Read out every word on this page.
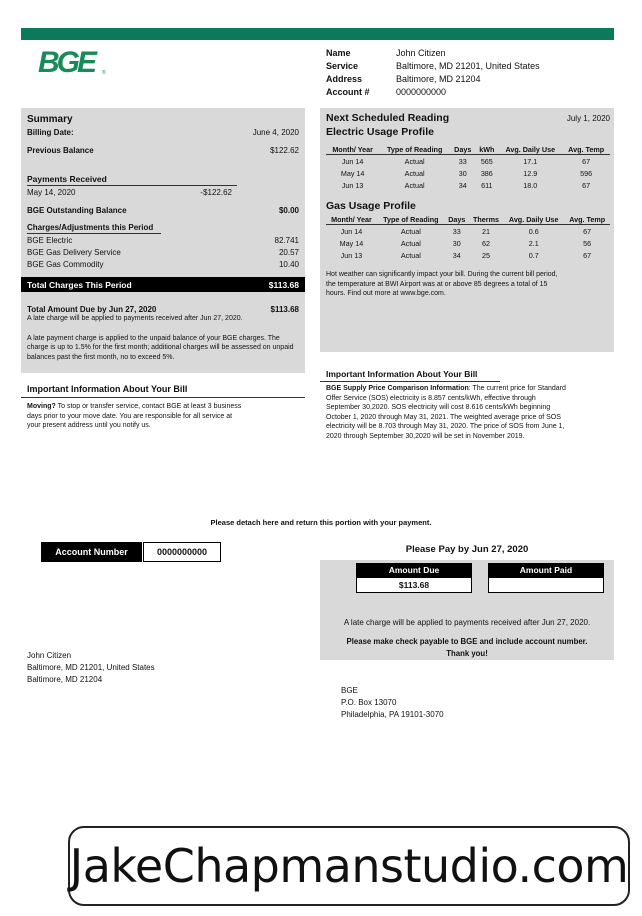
BGE	®
Name	John Citizen
Service	Baltimore, MD 21201, United States
Address	Baltimore, MD 21204
Account #	0000000000
Summary
Billing Date:	June 4, 2020
Previous Balance	$122.62
Payments Received
May 14, 2020	-$122.62
BGE Outstanding Balance	$0.00
Charges/Adjustments this Period
BGE Electric	82.741
BGE Gas Delivery Service	20.57
BGE Gas Commodity	10.40
Total Charges This Period	$113.68
Total Amount Due by Jun 27, 2020	$113.68
A late charge will be applied to payments received after Jun 27, 2020.
A late payment charge is applied to the unpaid balance of your BGE charges. The charge is up to 1.5% for the first month; additional charges will be assessed on unpaid balances past the first month, no to exceed 5%.
Important Information About Your Bill
Moving? To stop or transfer service, contact BGE at least 3 business days prior to your move date. You are responsible for all service at your present address until you notify us.
Next Scheduled Reading	July 1, 2020
Electric Usage Profile
Month/ Year	Type of Reading	Days	kWh	Avg. Daily Use	Avg. Temp
Jun 14	Actual	33	565	17.1	67
May 14	Actual	30	386	12.9	596
Jun 13	Actual	34	611	18.0	67
Gas Usage Profile
Month/ Year	Type of Reading	Days	Therms	Avg. Daily Use	Avg. Temp
Jun 14	Actual	33	21	0.6	67
May 14	Actual	30	62	2.1	56
Jun 13	Actual	34	25	0.7	67
Hot weather can significantly impact your bill. During the current bill period, the temperature at BWI Airport was at or above 85 degrees a total of 15 hours. Find out more at www.bge.com.
Important Information About Your Bill
BGE Supply Price Comparison Information: The current price for Standard Offer Service (SOS) electricity is 8.857 cents/kWh, effective through September 30,2020. SOS electricity will cost 8.616 cents/kWh beginning October 1, 2020 through May 31, 2021. The weighted average price of SOS electricity will be 8.703 through May 31, 2020. The price of SOS from June 1, 2020 through September 30,2020 will be set in November 2019.
Please detach here and return this portion with your payment.
Account Number	0000000000	Please Pay by Jun 27, 2020
Amount Due
$113.68
Amount Paid
A late charge will be applied to payments received after Jun 27, 2020.
Please make check payable to BGE and include account number.
Thank you!
John Citizen
Baltimore, MD 21201, United States
Baltimore, MD 21204
BGE
P.O. Box 13070
Philadelphia, PA 19101-3070
JakeChapmanstudio.com
